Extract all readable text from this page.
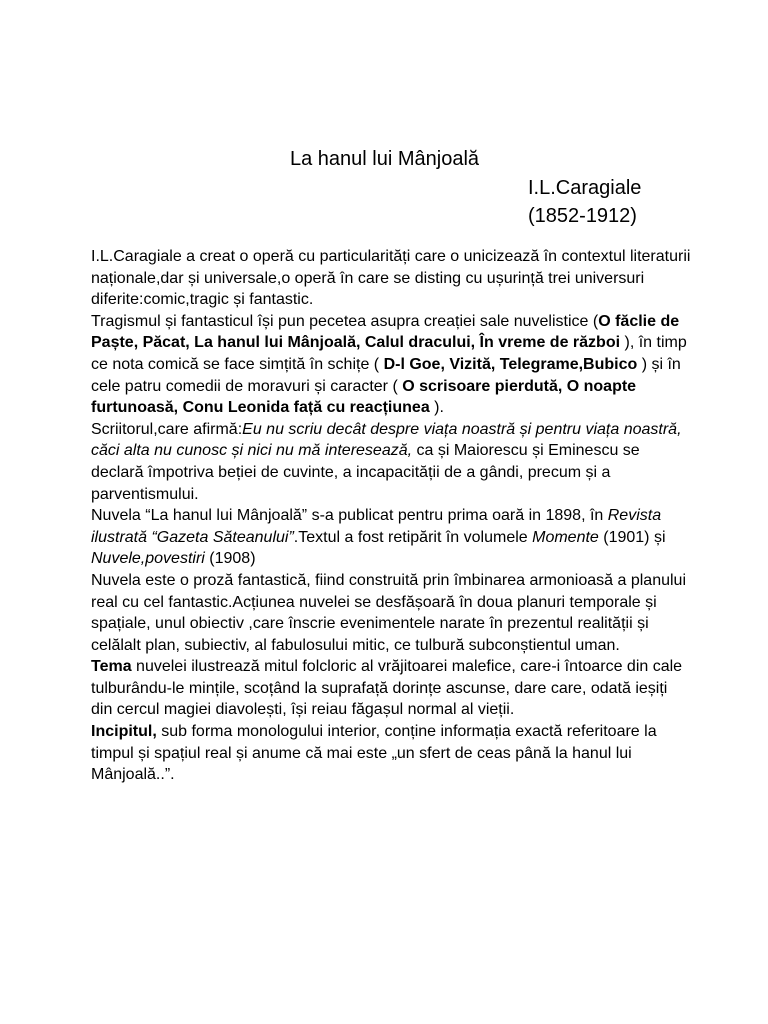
La hanul lui Mânjoală
I.L.Caragiale
(1852-1912)

I.L.Caragiale a creat o operă cu particularități care o unicizează în contextul literaturii naționale,dar și universale,o operă în care se disting cu ușurință trei universuri diferite:comic,tragic și fantastic.

Tragismul și fantasticul își pun pecetea asupra creației sale nuvelistice (O făclie de Paște, Păcat, La hanul lui Mânjoală, Calul dracului, În vreme de război ), în timp ce nota comică se face simțită în schițe ( D-l Goe, Vizită, Telegrame,Bubico ) și în cele patru comedii de moravuri și caracter ( O scrisoare pierdută, O noapte furtunoasă, Conu Leonida față cu reacțiunea ).

Scriitorul,care afirmă:Eu nu scriu decât despre viața noastră și pentru viața noastră, căci alta nu cunosc și nici nu mă interesează, ca și Maiorescu și Eminescu se declară împotriva beției de cuvinte, a incapacității de a gândi, precum și a parventismului.

Nuvela “La hanul lui Mânjoală” s-a publicat pentru prima oară in 1898, în Revista ilustrată “Gazeta Săteanului”.Textul a fost retipărit în volumele Momente (1901) și Nuvele,povestiri (1908)

Nuvela este o proză fantastică, fiind construită prin îmbinarea armonioasă a planului real cu cel fantastic.Acțiunea nuvelei se desfășoară în doua planuri temporale și spațiale, unul obiectiv ,care înscrie evenimentele narate în prezentul realității și celălalt plan, subiectiv, al fabulosului mitic, ce tulbură subconștientul uman.

Tema nuvelei ilustrează mitul folcloric al vrăjitoarei malefice, care-i întoarce din cale tulburându-le mințile, scoțând la suprafață dorințe ascunse, dare care, odată ieșiți din cercul magiei diavolești, își reiau făgașul normal al vieții.

Incipitul, sub forma monologului interior, conține informația exactă referitoare la timpul și spațiul real și anume că mai este „un sfert de ceas până la hanul lui Mânjoală..”.
